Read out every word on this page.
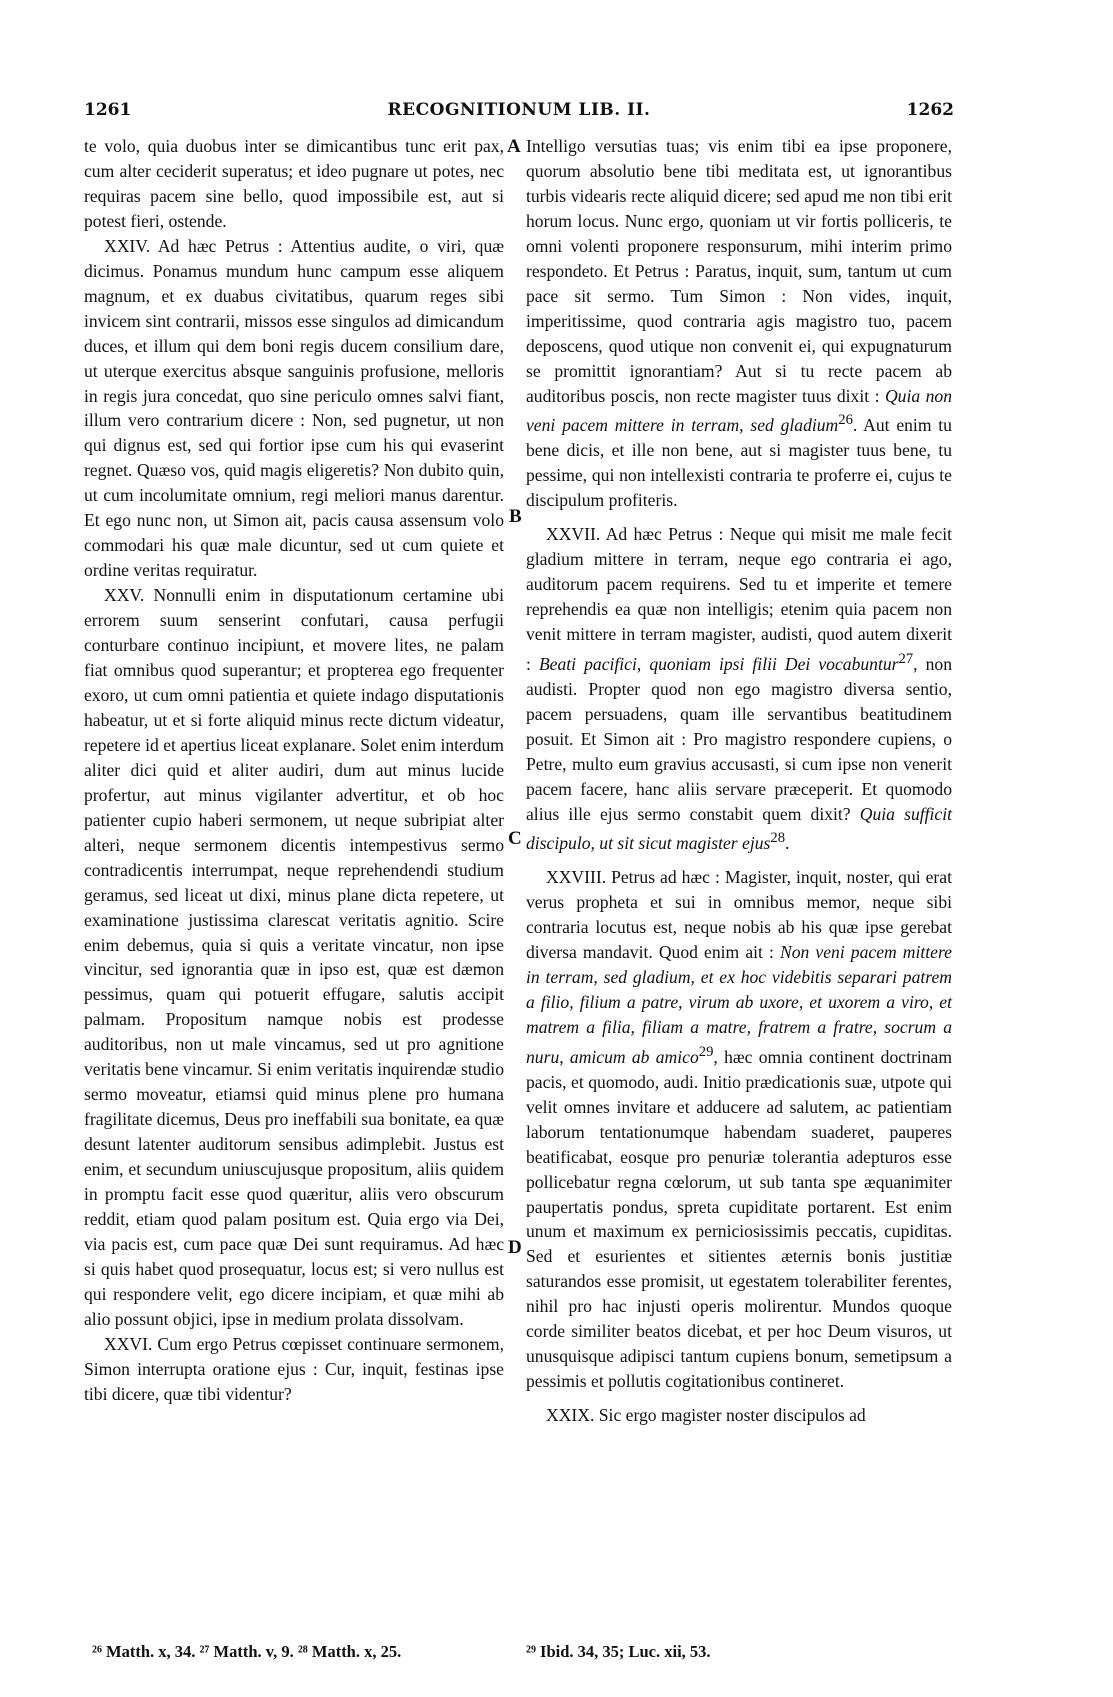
1261	RECOGNITIONUM LIB. II.	1262
A
B
C
D

te volo, quia duobus inter se dimicantibus tunc erit pax, cum alter ceciderit superatus; et ideo pugnare ut potes, nec requiras pacem sine bello, quod impossibile est, aut si potest fieri, ostende.

XXIV. Ad hæc Petrus : Attentius audite, o viri, quæ dicimus. Ponamus mundum hunc campum esse aliquem magnum, et ex duabus civitatibus, quarum reges sibi invicem sint contrarii, missos esse singulos ad dimicandum duces, et illum qui dem boni regis ducem consilium dare, ut uterque exercitus absque sanguinis profusione, melloris in regis jura concedat, quo sine periculo omnes salvi fiant, illum vero contrarium dicere : Non, sed pugnetur, ut non qui dignus est, sed qui fortior ipse cum his qui evaserint regnet. Quæso vos, quid magis eligeretis? Non dubito quin, ut cum incolumitate omnium, regi meliori manus darentur. Et ego nunc non, ut Simon ait, pacis causa assensum volo commodari his quæ male dicuntur, sed ut cum quiete et ordine veritas requiratur.

XXV. Nonnulli enim in disputationum certamine ubi errorem suum senserint confutari, causa perfugii conturbare continuo incipiunt, et movere lites, ne palam fiat omnibus quod superantur; et propterea ego frequenter exoro, ut cum omni patientia et quiete indago disputationis habeatur, ut et si forte aliquid minus recte dictum videatur, repetere id et apertius liceat explanare. Solet enim interdum aliter dici quid et aliter audiri, dum aut minus lucide profertur, aut minus vigilanter advertitur, et ob hoc patienter cupio haberi sermonem, ut neque subripiat alter alteri, neque sermonem dicentis intempestivus sermo contradicentis interrumpat, neque reprehendendi studium geramus, sed liceat ut dixi, minus plane dicta repetere, ut examinatione justissima clarescat veritatis agnitio. Scire enim debemus, quia si quis a veritate vincatur, non ipse vincitur, sed ignorantia quæ in ipso est, quæ est dæmon pessimus, quam qui potuerit effugare, salutis accipit palmam. Propositum namque nobis est prodesse auditoribus, non ut male vincamus, sed ut pro agnitione veritatis bene vincamur. Si enim veritatis inquirendæ studio sermo moveatur, etiamsi quid minus plene pro humana fragilitate dicemus, Deus pro ineffabili sua bonitate, ea quæ desunt latenter auditorum sensibus adimplebit. Justus est enim, et secundum uniuscujusque propositum, aliis quidem in promptu facit esse quod quæritur, aliis vero obscurum reddit, etiam quod palam positum est. Quia ergo via Dei, via pacis est, cum pace quæ Dei sunt requiramus. Ad hæc si quis habet quod prosequatur, locus est; si vero nullus est qui respondere velit, ego dicere incipiam, et quæ mihi ab alio possunt objici, ipse in medium prolata dissolvam.

XXVI. Cum ergo Petrus cœpisset continuare sermonem, Simon interrupta oratione ejus : Cur, inquit, festinas ipse tibi dicere, quæ tibi videntur?

Intelligo versutias tuas; vis enim tibi ea ipse proponere, quorum absolutio bene tibi meditata est, ut ignorantibus turbis videaris recte aliquid dicere; sed apud me non tibi erit horum locus. Nunc ergo, quoniam ut vir fortis polliceris, te omni volenti proponere responsurum, mihi interim primo respondeto. Et Petrus : Paratus, inquit, sum, tantum ut cum pace sit sermo. Tum Simon : Non vides, inquit, imperitissime, quod contraria agis magistro tuo, pacem deposcens, quod utique non convenit ei, qui expugnaturum se promittit ignorantiam? Aut si tu recte pacem ab auditoribus poscis, non recte magister tuus dixit : Quia non veni pacem mittere in terram, sed gladium$^{26}$. Aut enim tu bene dicis, et ille non bene, aut si magister tuus bene, tu pessime, qui non intellexisti contraria te proferre ei, cujus te discipulum profiteris.

XXVII. Ad hæc Petrus : Neque qui misit me male fecit gladium mittere in terram, neque ego contraria ei ago, auditorum pacem requirens. Sed tu et imperite et temere reprehendis ea quæ non intelligis; etenim quia pacem non venit mittere in terram magister, audisti, quod autem dixerit : Beati pacifici, quoniam ipsi filii Dei vocabuntur$^{27}$, non audisti. Propter quod non ego magistro diversa sentio, pacem persuadens, quam ille servantibus beatitudinem posuit. Et Simon ait : Pro magistro respondere cupiens, o Petre, multo eum gravius accusasti, si cum ipse non venerit pacem facere, hanc aliis servare præceperit. Et quomodo alius ille ejus sermo constabit quem dixit? Quia sufficit discipulo, ut sit sicut magister ejus$^{28}$.

XXVIII. Petrus ad hæc : Magister, inquit, noster, qui erat verus propheta et sui in omnibus memor, neque sibi contraria locutus est, neque nobis ab his quæ ipse gerebat diversa mandavit. Quod enim ait : Non veni pacem mittere in terram, sed gladium, et ex hoc videbitis separari patrem a filio, filium a patre, virum ab uxore, et uxorem a viro, et matrem a filia, filiam a matre, fratrem a fratre, socrum a nuru, amicum ab amico$^{29}$, hæc omnia continent doctrinam pacis, et quomodo, audi. Initio prædicationis suæ, utpote qui velit omnes invitare et adducere ad salutem, ac patientiam laborum tentationumque habendam suaderet, pauperes beatificabat, eosque pro penuriæ tolerantia adepturos esse pollicebatur regna cœlorum, ut sub tanta spe æquanimiter paupertatis pondus, spreta cupiditate portarent. Est enim unum et maximum ex perniciosissimis peccatis, cupiditas. Sed et esurientes et sitientes æternis bonis justitiæ saturandos esse promisit, ut egestatem tolerabiliter ferentes, nihil pro hac injusti operis molirentur. Mundos quoque corde similiter beatos dicebat, et per hoc Deum visuros, ut unusquisque adipisci tantum cupiens bonum, semetipsum a pessimis et pollutis cogitationibus contineret.

XXIX. Sic ergo magister noster discipulos ad

²⁶ Matth. x, 34. ²⁷ Matth. v, 9. ²⁸ Matth. x, 25.	²⁹ Ibid. 34, 35; Luc. xii, 53.
